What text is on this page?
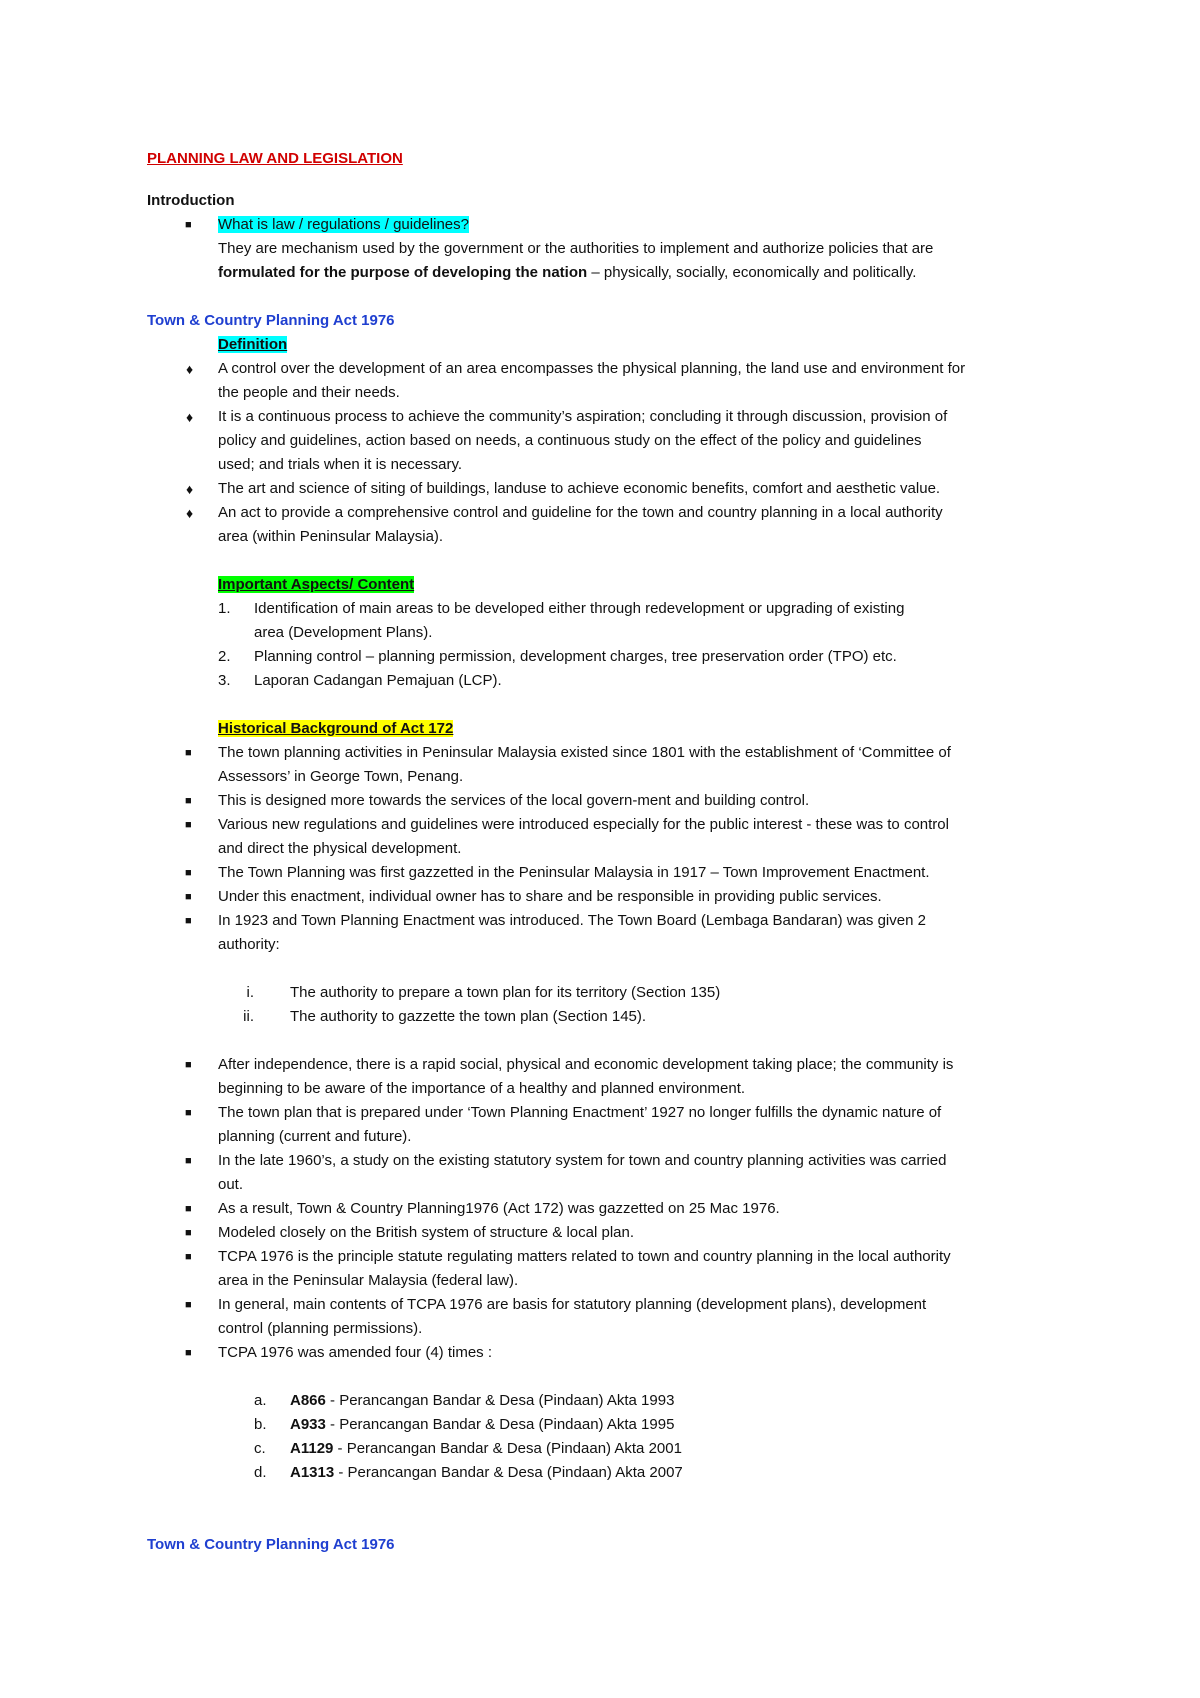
PLANNING LAW AND LEGISLATION
Introduction
■ What is law / regulations / guidelines?
They are mechanism used by the government or the authorities to implement and authorize policies that are
formulated for the purpose of developing the nation – physically, socially, economically and politically.
Town & Country Planning Act 1976
Definition
♦ A control over the development of an area encompasses the physical planning, the land use and environment for
the people and their needs.
♦ It is a continuous process to achieve the community’s aspiration; concluding it through discussion, provision of
policy and guidelines, action based on needs, a continuous study on the effect of the policy and guidelines
used; and trials when it is necessary.
♦ The art and science of siting of buildings, landuse to achieve economic benefits, comfort and aesthetic value.
♦ An act to provide a comprehensive control and guideline for the town and country planning in a local authority
area (within Peninsular Malaysia).
Important Aspects/ Content
1. Identification of main areas to be developed either through redevelopment or upgrading of existing
area (Development Plans).
2. Planning control – planning permission, development charges, tree preservation order (TPO) etc.
3. Laporan Cadangan Pemajuan (LCP).
Historical Background of Act 172
■ The town planning activities in Peninsular Malaysia existed since 1801 with the establishment of ‘Committee of
Assessors’ in George Town, Penang.
■ This is designed more towards the services of the local govern-ment and building control.
■ Various new regulations and guidelines were introduced especially for the public interest - these was to control
and direct the physical development.
■ The Town Planning was first gazzetted in the Peninsular Malaysia in 1917 – Town Improvement Enactment.
■ Under this enactment, individual owner has to share and be responsible in providing public services.
■ In 1923 and Town Planning Enactment was introduced. The Town Board (Lembaga Bandaran) was given 2
authority:
i. The authority to prepare a town plan for its territory (Section 135)
ii. The authority to gazzette the town plan (Section 145).
■ After independence, there is a rapid social, physical and economic development taking place; the community is
beginning to be aware of the importance of a healthy and planned environment.
■ The town plan that is prepared under ‘Town Planning Enactment’ 1927 no longer fulfills the dynamic nature of
planning (current and future).
■ In the late 1960’s, a study on the existing statutory system for town and country planning activities was carried
out.
■ As a result, Town & Country Planning1976 (Act 172) was gazzetted on 25 Mac 1976.
■ Modeled closely on the British system of structure & local plan.
■ TCPA 1976 is the principle statute regulating matters related to town and country planning in the local authority
area in the Peninsular Malaysia (federal law).
■ In general, main contents of TCPA 1976 are basis for statutory planning (development plans), development
control (planning permissions).
■ TCPA 1976 was amended four (4) times :
a. A866 - Perancangan Bandar & Desa (Pindaan) Akta 1993
b. A933 - Perancangan Bandar & Desa (Pindaan) Akta 1995
c. A1129 - Perancangan Bandar & Desa (Pindaan) Akta 2001
d. A1313 - Perancangan Bandar & Desa (Pindaan) Akta 2007
Town & Country Planning Act 1976
